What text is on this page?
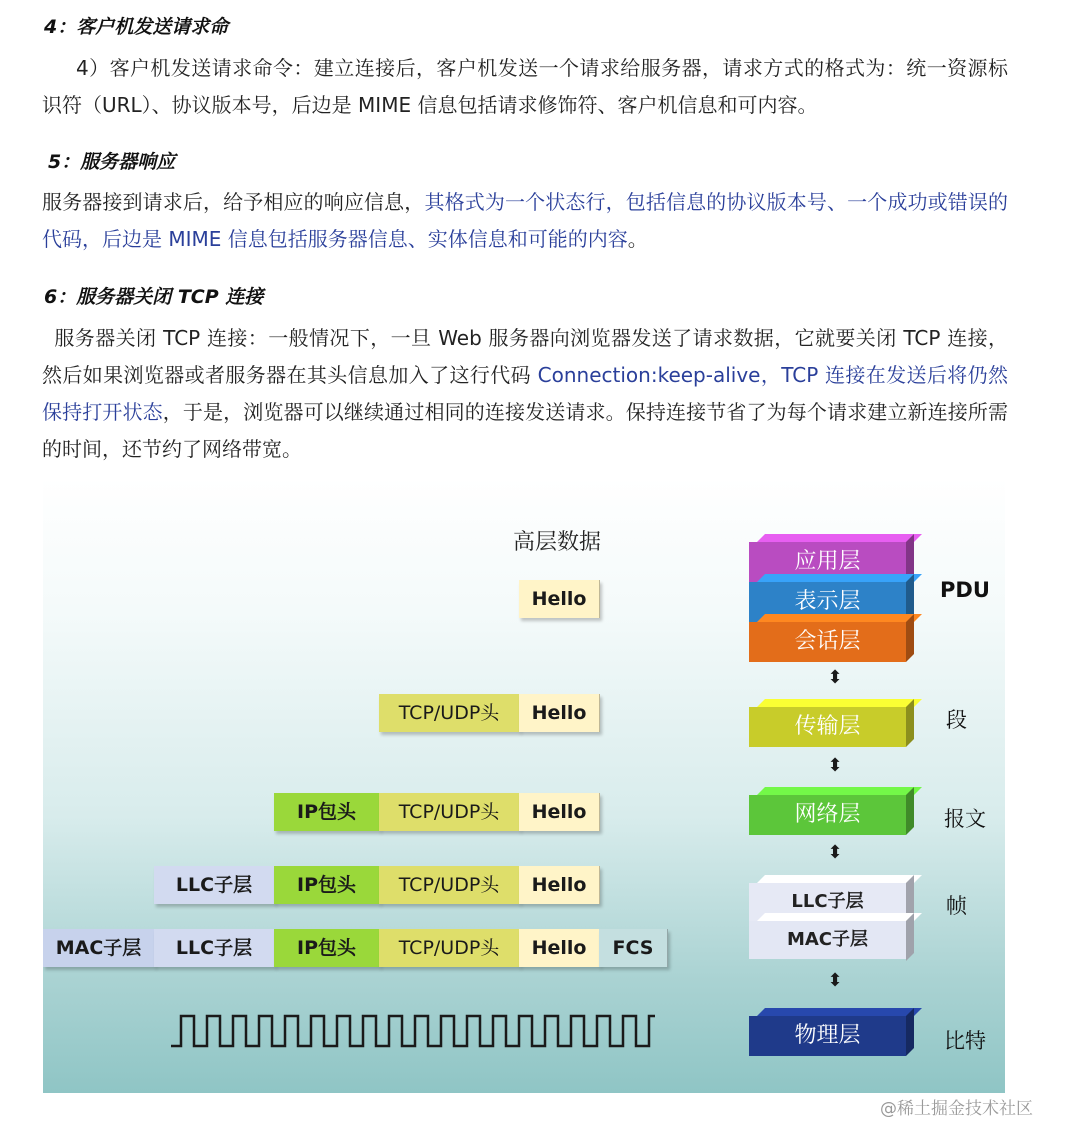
4：客户机发送请求命
4）客户机发送请求命令：建立连接后，客户机发送一个请求给服务器，请求方式的格式为：统一资源标识符（URL）、协议版本号，后边是 MIME 信息包括请求修饰符、客户机信息和可内容。
5：服务器响应
服务器接到请求后，给予相应的响应信息，其格式为一个状态行，包括信息的协议版本号、一个成功或错误的代码，后边是 MIME 信息包括服务器信息、实体信息和可能的内容。
6：服务器关闭 TCP 连接
服务器关闭 TCP 连接：一般情况下，一旦 Web 服务器向浏览器发送了请求数据，它就要关闭 TCP 连接，然后如果浏览器或者服务器在其头信息加入了这行代码 Connection:keep-alive，TCP 连接在发送后将仍然保持打开状态，于是，浏览器可以继续通过相同的连接发送请求。保持连接节省了为每个请求建立新连接所需的时间，还节约了网络带宽。
高层数据
Hello
TCP/UDP头	Hello
IP包头	TCP/UDP头	Hello
LLC子层	IP包头	TCP/UDP头	Hello
MAC子层	LLC子层	IP包头	TCP/UDP头	Hello	FCS
应用层
表示层
会话层
⬍
传输层
⬍
网络层
⬍
LLC子层
MAC子层
⬍
物理层
PDU
段
报文
帧
比特
@稀土掘金技术社区
